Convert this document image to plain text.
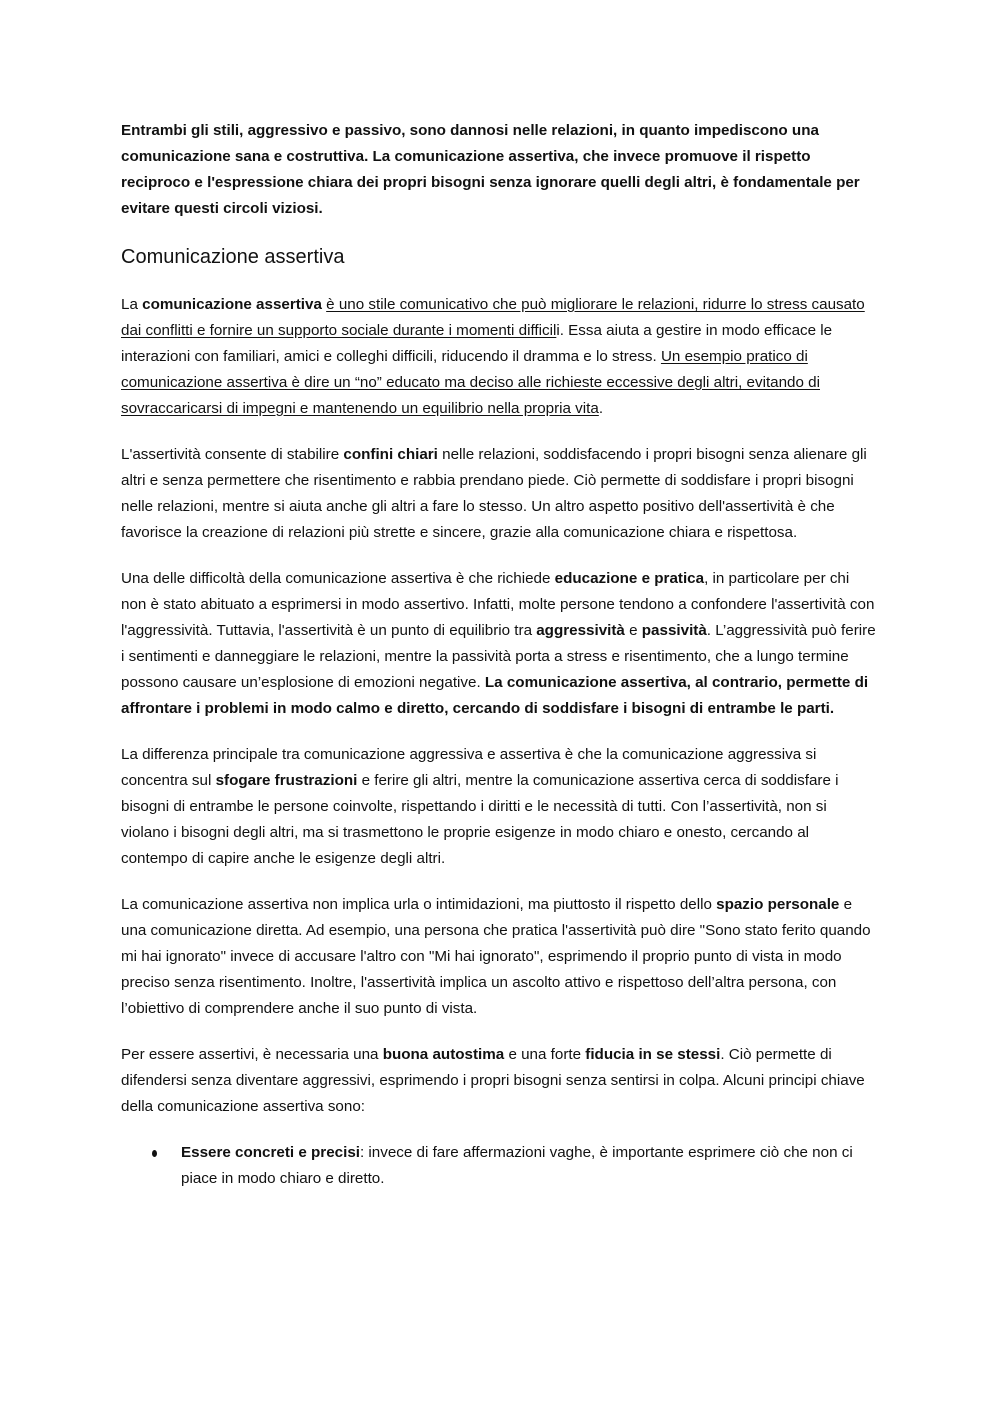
Entrambi gli stili, aggressivo e passivo, sono dannosi nelle relazioni, in quanto impediscono una comunicazione sana e costruttiva. La comunicazione assertiva, che invece promuove il rispetto reciproco e l'espressione chiara dei propri bisogni senza ignorare quelli degli altri, è fondamentale per evitare questi circoli viziosi.

Comunicazione assertiva

La comunicazione assertiva è uno stile comunicativo che può migliorare le relazioni, ridurre lo stress causato dai conflitti e fornire un supporto sociale durante i momenti difficili. Essa aiuta a gestire in modo efficace le interazioni con familiari, amici e colleghi difficili, riducendo il dramma e lo stress. Un esempio pratico di comunicazione assertiva è dire un “no” educato ma deciso alle richieste eccessive degli altri, evitando di sovraccaricarsi di impegni e mantenendo un equilibrio nella propria vita.

L'assertività consente di stabilire confini chiari nelle relazioni, soddisfacendo i propri bisogni senza alienare gli altri e senza permettere che risentimento e rabbia prendano piede. Ciò permette di soddisfare i propri bisogni nelle relazioni, mentre si aiuta anche gli altri a fare lo stesso. Un altro aspetto positivo dell'assertività è che favorisce la creazione di relazioni più strette e sincere, grazie alla comunicazione chiara e rispettosa.

Una delle difficoltà della comunicazione assertiva è che richiede educazione e pratica, in particolare per chi non è stato abituato a esprimersi in modo assertivo. Infatti, molte persone tendono a confondere l'assertività con l'aggressività. Tuttavia, l'assertività è un punto di equilibrio tra aggressività e passività. L’aggressività può ferire i sentimenti e danneggiare le relazioni, mentre la passività porta a stress e risentimento, che a lungo termine possono causare un’esplosione di emozioni negative. La comunicazione assertiva, al contrario, permette di affrontare i problemi in modo calmo e diretto, cercando di soddisfare i bisogni di entrambe le parti.

La differenza principale tra comunicazione aggressiva e assertiva è che la comunicazione aggressiva si concentra sul sfogare frustrazioni e ferire gli altri, mentre la comunicazione assertiva cerca di soddisfare i bisogni di entrambe le persone coinvolte, rispettando i diritti e le necessità di tutti. Con l’assertività, non si violano i bisogni degli altri, ma si trasmettono le proprie esigenze in modo chiaro e onesto, cercando al contempo di capire anche le esigenze degli altri.

La comunicazione assertiva non implica urla o intimidazioni, ma piuttosto il rispetto dello spazio personale e una comunicazione diretta. Ad esempio, una persona che pratica l'assertività può dire "Sono stato ferito quando mi hai ignorato" invece di accusare l'altro con "Mi hai ignorato", esprimendo il proprio punto di vista in modo preciso senza risentimento. Inoltre, l'assertività implica un ascolto attivo e rispettoso dell’altra persona, con l’obiettivo di comprendere anche il suo punto di vista.

Per essere assertivi, è necessaria una buona autostima e una forte fiducia in se stessi. Ciò permette di difendersi senza diventare aggressivi, esprimendo i propri bisogni senza sentirsi in colpa. Alcuni principi chiave della comunicazione assertiva sono:

Essere concreti e precisi: invece di fare affermazioni vaghe, è importante esprimere ciò che non ci piace in modo chiaro e diretto.
